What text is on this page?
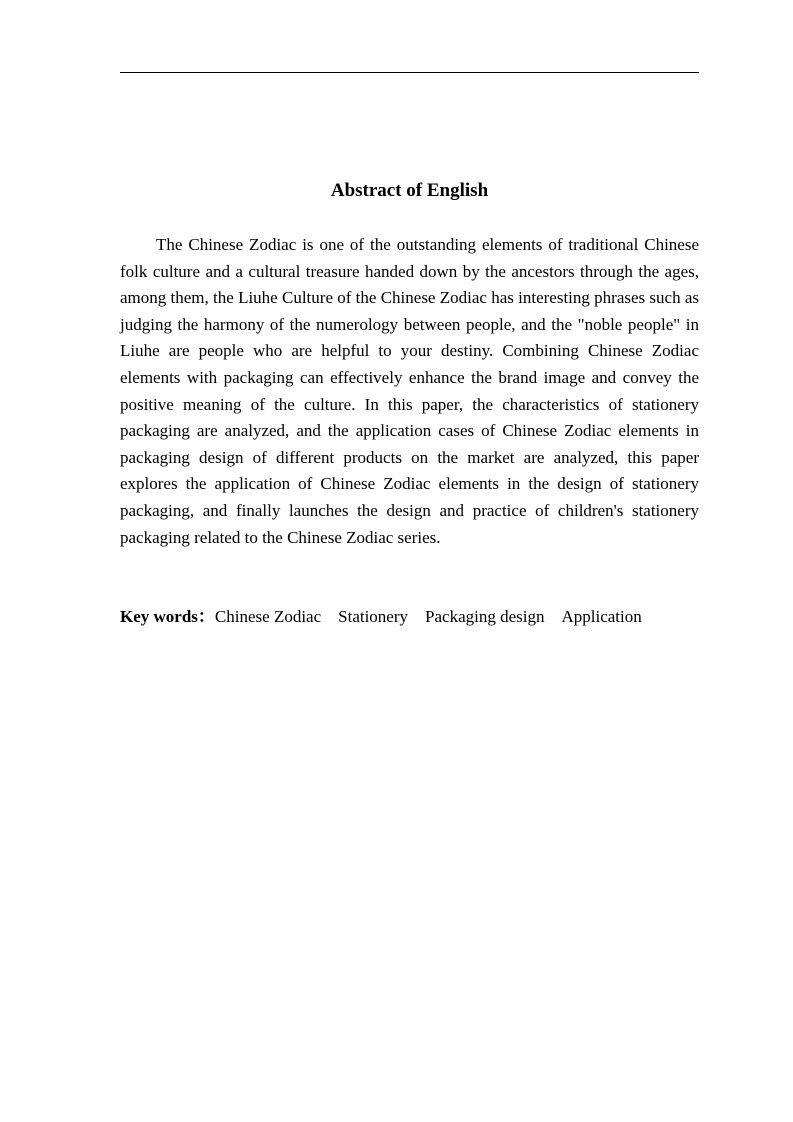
Abstract of English

The Chinese Zodiac is one of the outstanding elements of traditional Chinese folk culture and a cultural treasure handed down by the ancestors through the ages, among them, the Liuhe Culture of the Chinese Zodiac has interesting phrases such as judging the harmony of the numerology between people, and the "noble people" in Liuhe are people who are helpful to your destiny. Combining Chinese Zodiac elements with packaging can effectively enhance the brand image and convey the positive meaning of the culture. In this paper, the characteristics of stationery packaging are analyzed, and the application cases of Chinese Zodiac elements in packaging design of different products on the market are analyzed, this paper explores the application of Chinese Zodiac elements in the design of stationery packaging, and finally launches the design and practice of children's stationery packaging related to the Chinese Zodiac series.

Key words：Chinese Zodiac Stationery Packaging design Application
